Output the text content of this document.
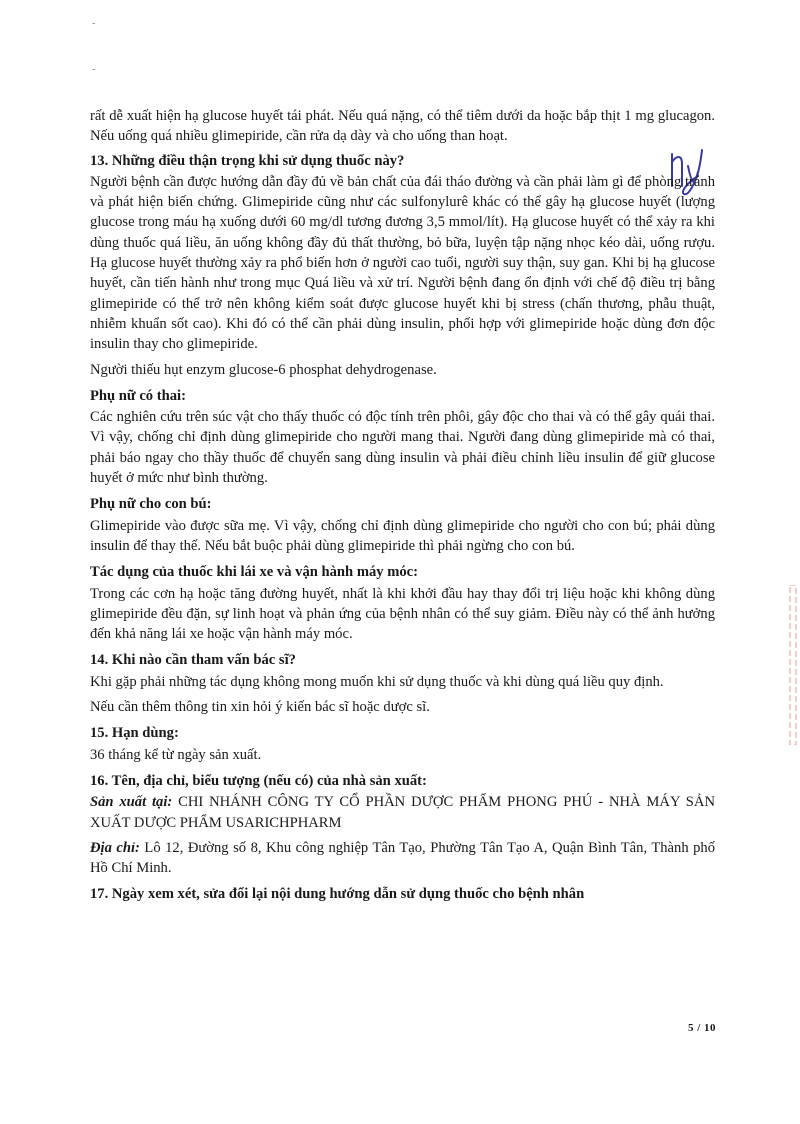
-
-

rất dễ xuất hiện hạ glucose huyết tái phát. Nếu quá nặng, có thể tiêm dưới da hoặc bắp thịt 1 mg glucagon. Nếu uống quá nhiều glimepiride, cần rửa dạ dày và cho uống than hoạt.

13. Những điều thận trọng khi sử dụng thuốc này?

Người bệnh cần được hướng dẫn đầy đủ về bản chất của đái tháo đường và cần phải làm gì để phòng tránh và phát hiện biến chứng. Glimepiride cũng như các sulfonylurê khác có thể gây hạ glucose huyết (lượng glucose trong máu hạ xuống dưới 60 mg/dl tương đương 3,5 mmol/lít). Hạ glucose huyết có thể xảy ra khi dùng thuốc quá liều, ăn uống không đầy đủ thất thường, bỏ bữa, luyện tập nặng nhọc kéo dài, uống rượu. Hạ glucose huyết thường xảy ra phổ biến hơn ở người cao tuổi, người suy thận, suy gan. Khi bị hạ glucose huyết, cần tiến hành như trong mục Quá liều và xử trí. Người bệnh đang ổn định với chế độ điều trị bằng glimepiride có thể trở nên không kiểm soát được glucose huyết khi bị stress (chấn thương, phẫu thuật, nhiễm khuẩn sốt cao). Khi đó có thể cần phải dùng insulin, phối hợp với glimepiride hoặc dùng đơn độc insulin thay cho glimepiride.

Người thiếu hụt enzym glucose-6 phosphat dehydrogenase.

Phụ nữ có thai:

Các nghiên cứu trên súc vật cho thấy thuốc có độc tính trên phôi, gây độc cho thai và có thể gây quái thai. Vì vậy, chống chỉ định dùng glimepiride cho người mang thai. Người đang dùng glimepiride mà có thai, phải báo ngay cho thầy thuốc để chuyển sang dùng insulin và phải điều chỉnh liều insulin để giữ glucose huyết ở mức như bình thường.

Phụ nữ cho con bú:

Glimepiride vào được sữa mẹ. Vì vậy, chống chỉ định dùng glimepiride cho người cho con bú; phải dùng insulin để thay thế. Nếu bắt buộc phải dùng glimepiride thì phải ngừng cho con bú.

Tác dụng của thuốc khi lái xe và vận hành máy móc:

Trong các cơn hạ hoặc tăng đường huyết, nhất là khi khởi đầu hay thay đổi trị liệu hoặc khi không dùng glimepiride đều đặn, sự linh hoạt và phản ứng của bệnh nhân có thể suy giảm. Điều này có thể ảnh hưởng đến khả năng lái xe hoặc vận hành máy móc.

14. Khi nào cần tham vấn bác sĩ?

Khi gặp phải những tác dụng không mong muốn khi sử dụng thuốc và khi dùng quá liều quy định.

Nếu cần thêm thông tin xin hỏi ý kiến bác sĩ hoặc dược sĩ.

15. Hạn dùng:

36 tháng kể từ ngày sản xuất.

16. Tên, địa chỉ, biểu tượng (nếu có) của nhà sản xuất:

Sản xuất tại: CHI NHÁNH CÔNG TY CỔ PHẦN DƯỢC PHẨM PHONG PHÚ - NHÀ MÁY SẢN XUẤT DƯỢC PHẨM USARICHPHARM

Địa chỉ: Lô 12, Đường số 8, Khu công nghiệp Tân Tạo, Phường Tân Tạo A, Quận Bình Tân, Thành phố Hồ Chí Minh.

17. Ngày xem xét, sửa đổi lại nội dung hướng dẫn sử dụng thuốc cho bệnh nhân
5 / 10
